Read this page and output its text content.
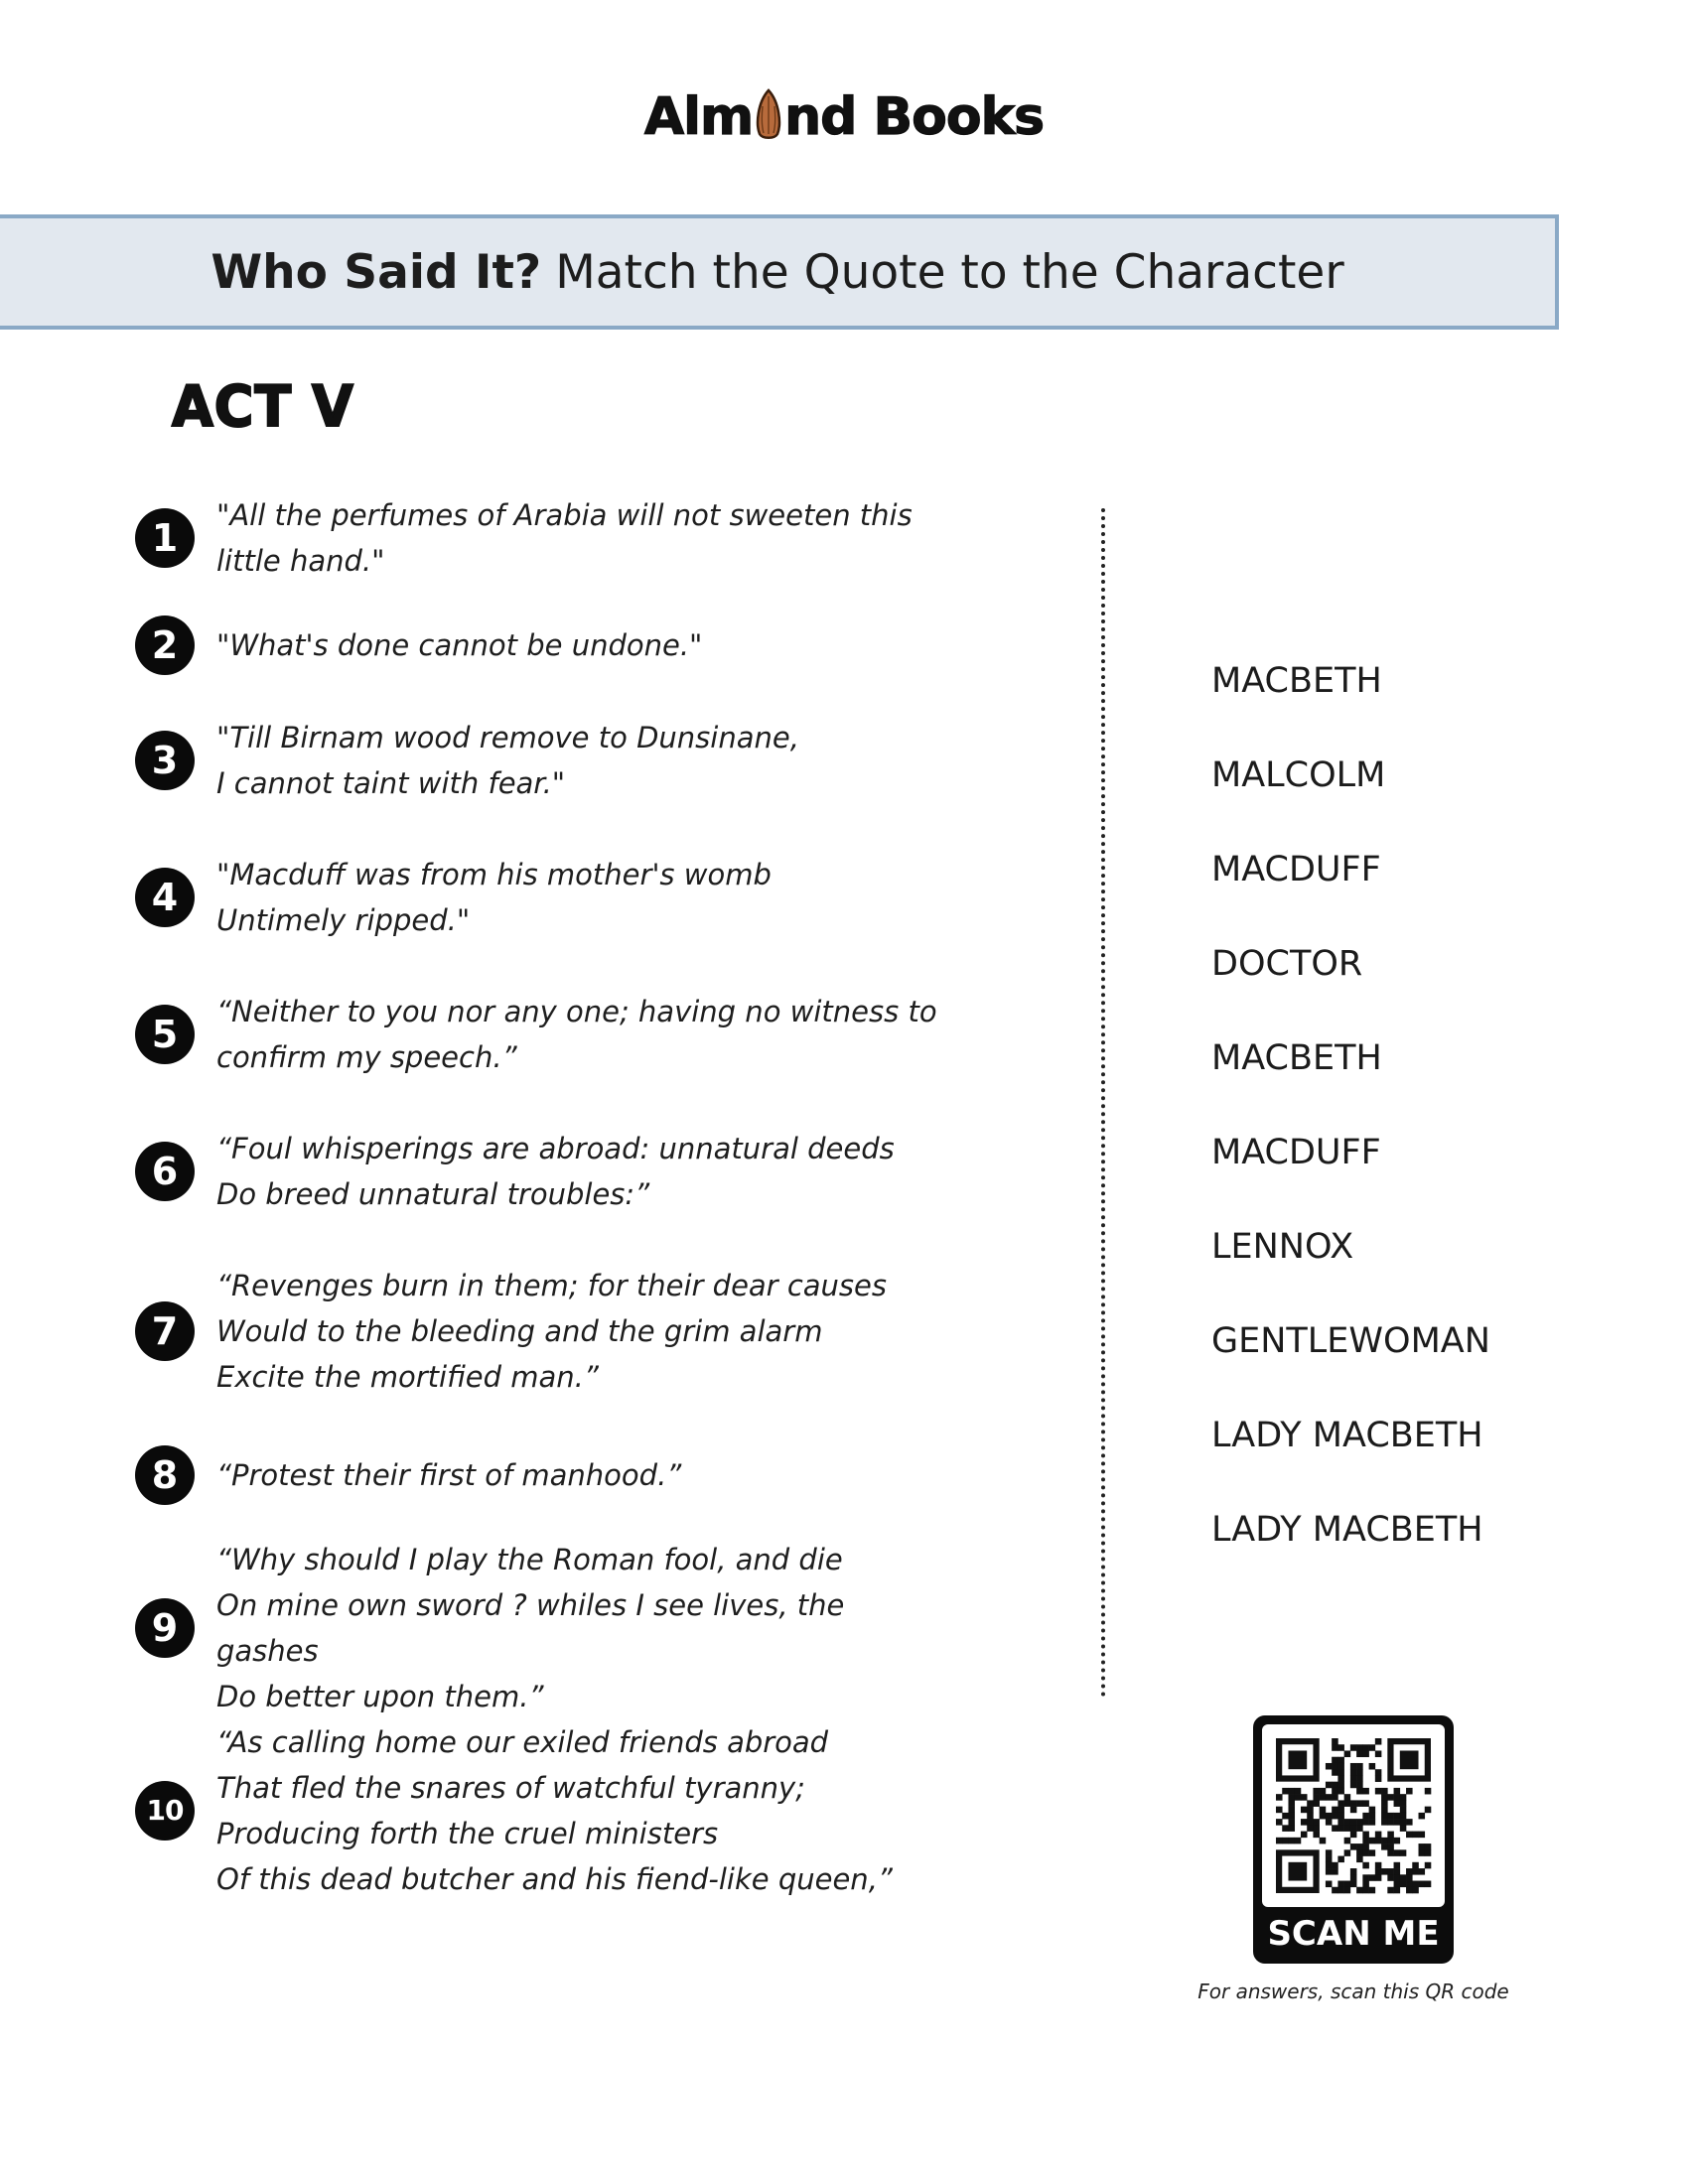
Alm nd Books
Who Said It? Match the Quote to the Character
ACT V
1
"All the perfumes of Arabia will not sweeten this
little hand."
2	"What's done cannot be undone."
3
"Till Birnam wood remove to Dunsinane,
I cannot taint with fear."
4
"Macduff was from his mother's womb
Untimely ripped."
5
“Neither to you nor any one; having no witness to
confirm my speech.”
6
“Foul whisperings are abroad: unnatural deeds
Do breed unnatural troubles:”
7
“Revenges burn in them; for their dear causes
Would to the bleeding and the grim alarm
Excite the mortified man.”
8	“Protest their first of manhood.”
9
“Why should I play the Roman fool, and die
On mine own sword ? whiles I see lives, the gashes
Do better upon them.”
10
“As calling home our exiled friends abroad
That fled the snares of watchful tyranny;
Producing forth the cruel ministers
Of this dead butcher and his fiend-like queen,”
MACBETH
MALCOLM
MACDUFF
DOCTOR
MACBETH
MACDUFF
LENNOX
GENTLEWOMAN
LADY MACBETH
LADY MACBETH
SCAN ME
For answers, scan this QR code
